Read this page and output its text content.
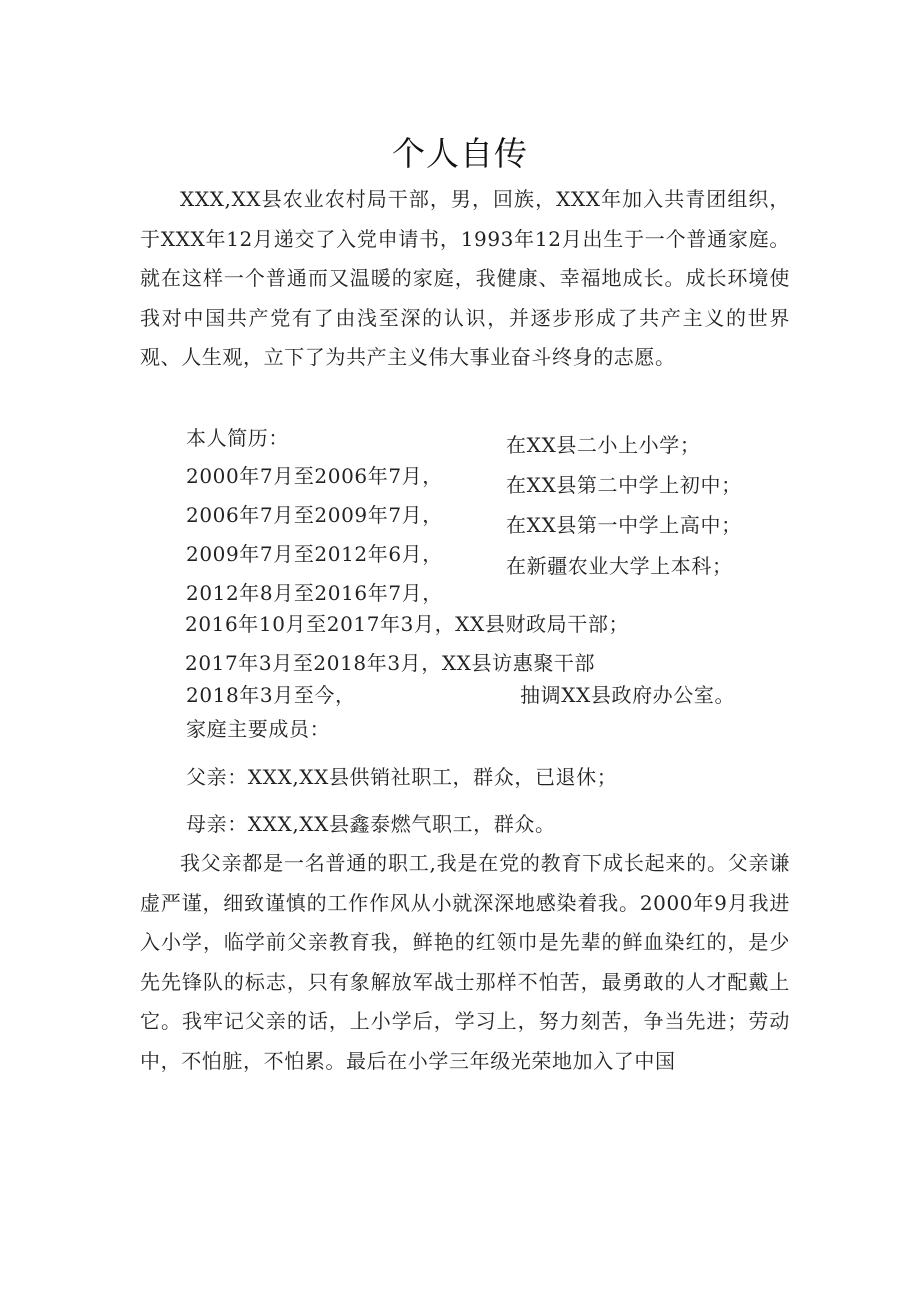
个人自传

XXX,XX县农业农村局干部，男，回族，XXX年加入共青团组织，于XXX年12月递交了入党申请书，1993年12月出生于一个普通家庭。就在这样一个普通而又温暖的家庭，我健康、幸福地成长。成长环境使我对中国共产党有了由浅至深的认识，并逐步形成了共产主义的世界观、人生观，立下了为共产主义伟大事业奋斗终身的志愿。

本人简历：
2000年7月至2006年7月，
2006年7月至2009年7月，
2009年7月至2012年6月，
2012年8月至2016年7月，
在XX县二小上小学；
在XX县第二中学上初中；
在XX县第一中学上高中；
在新疆农业大学上本科；
2016年10月至2017年3月，XX县财政局干部；
2017年3月至2018年3月，XX县访惠聚干部
2018年3月至今，	抽调XX县政府办公室。
家庭主要成员：
父亲：XXX,XX县供销社职工，群众，已退休；
母亲：XXX,XX县鑫泰燃气职工，群众。

我父亲都是一名普通的职工,我是在党的教育下成长起来的。父亲谦虚严谨，细致谨慎的工作作风从小就深深地感染着我。2000年9月我进入小学，临学前父亲教育我，鲜艳的红领巾是先辈的鲜血染红的，是少先先锋队的标志，只有象解放军战士那样不怕苦，最勇敢的人才配戴上它。我牢记父亲的话，上小学后，学习上，努力刻苦，争当先进；劳动中，不怕脏，不怕累。最后在小学三年级光荣地加入了中国
